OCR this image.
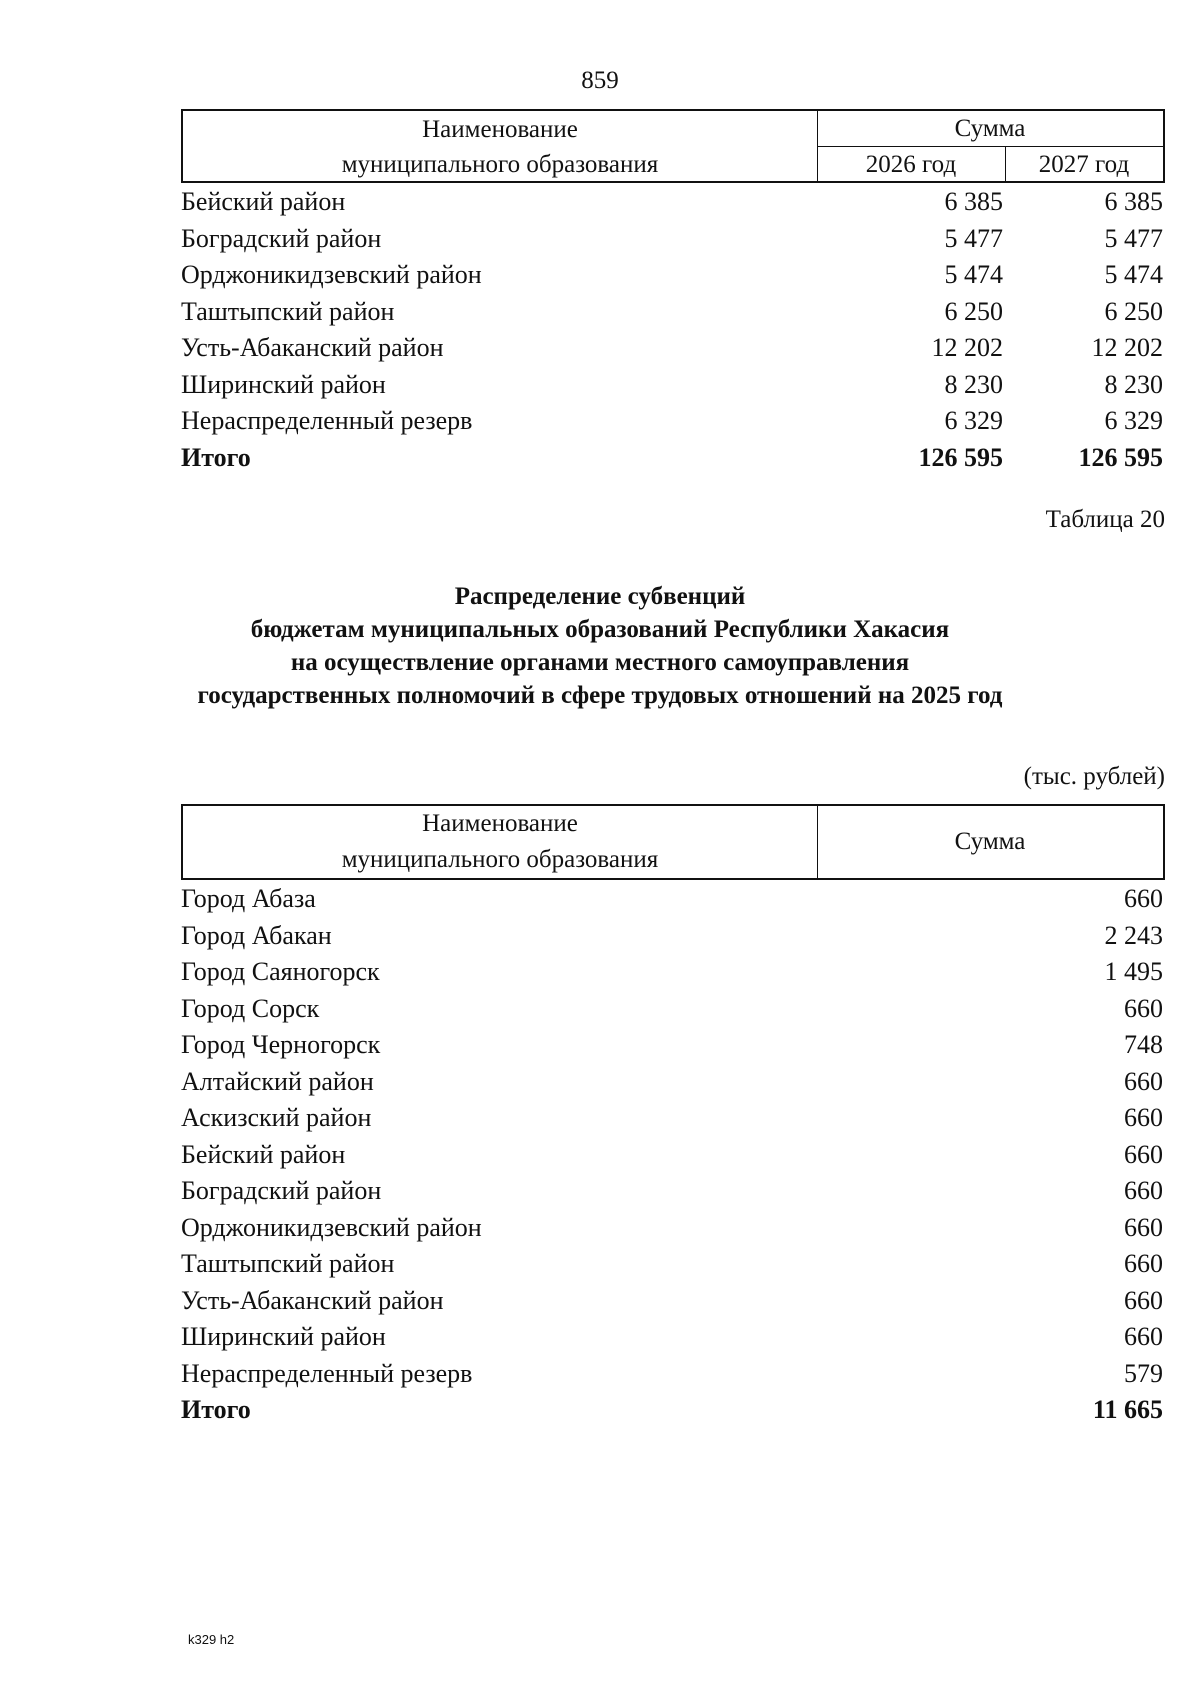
859
Наименование
муниципального образования
Сумма
2026 год	2027 год
Бейский район	6 385	6 385
Боградский район	5 477	5 477
Орджоникидзевский район	5 474	5 474
Таштыпский район	6 250	6 250
Усть-Абаканский район	12 202	12 202
Ширинский район	8 230	8 230
Нераспределенный резерв	6 329	6 329
Итого	126 595	126 595
Таблица 20
Распределение субвенций
бюджетам муниципальных образований Республики Хакасия
на осуществление органами местного самоуправления
государственных полномочий в сфере трудовых отношений на 2025 год
(тыс. рублей)
Наименование
муниципального образования
Сумма
Город Абаза	660
Город Абакан	2 243
Город Саяногорск	1 495
Город Сорск	660
Город Черногорск	748
Алтайский район	660
Аскизский район	660
Бейский район	660
Боградский район	660
Орджоникидзевский район	660
Таштыпский район	660
Усть-Абаканский район	660
Ширинский район	660
Нераспределенный резерв	579
Итого	11 665
k329 h2
